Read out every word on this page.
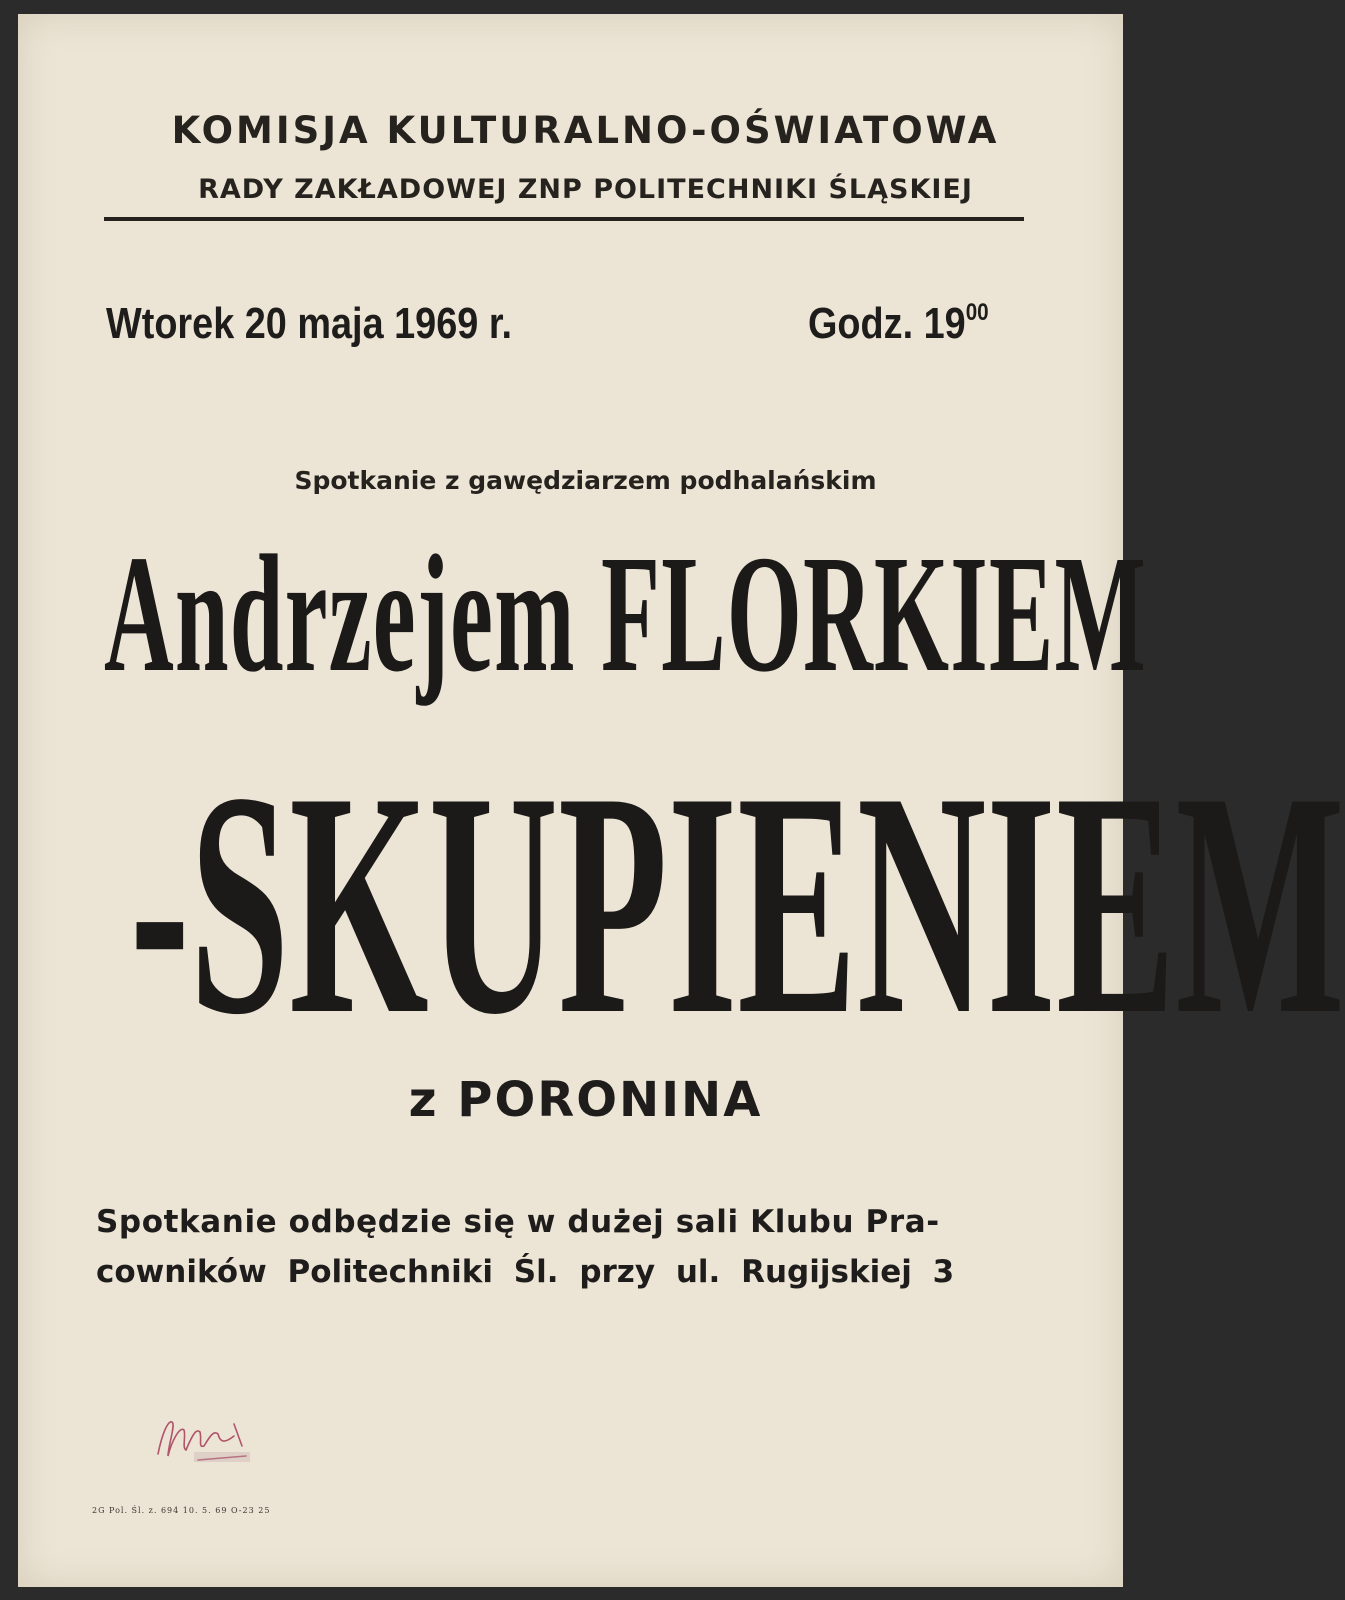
KOMISJA KULTURALNO-OŚWIATOWA
RADY ZAKŁADOWEJ ZNP POLITECHNIKI ŚLĄSKIEJ
Wtorek 20 maja 1969 r.	Godz. $19^{00}$
Spotkanie z gawędziarzem podhalańskim
Andrzejem FLORKIEM
-SKUPIENIEM
z PORONINA
Spotkanie odbędzie się w dużej sali Klubu Pra-
cowników Politechniki Śl. przy ul. Rugijskiej 3
2G Pol. Śl. z. 694 10. 5. 69 O-23 25
